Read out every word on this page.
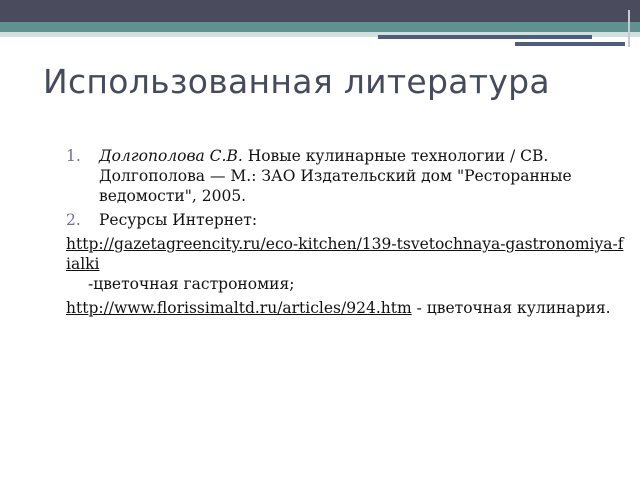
Использованная литература
1. Долгополова С.В. Новые кулинарные технологии / СВ. Долгополова — М.: ЗАО Издательский дом "Ресторанные ведомости", 2005.
2. Ресурсы Интернет:
http://gazetagreencity.ru/eco-kitchen/139-tsvetochnaya-gastronomiya-fialki
-цветочная гастрономия;
http://www.florissimaltd.ru/articles/924.htm - цветочная кулинария.
